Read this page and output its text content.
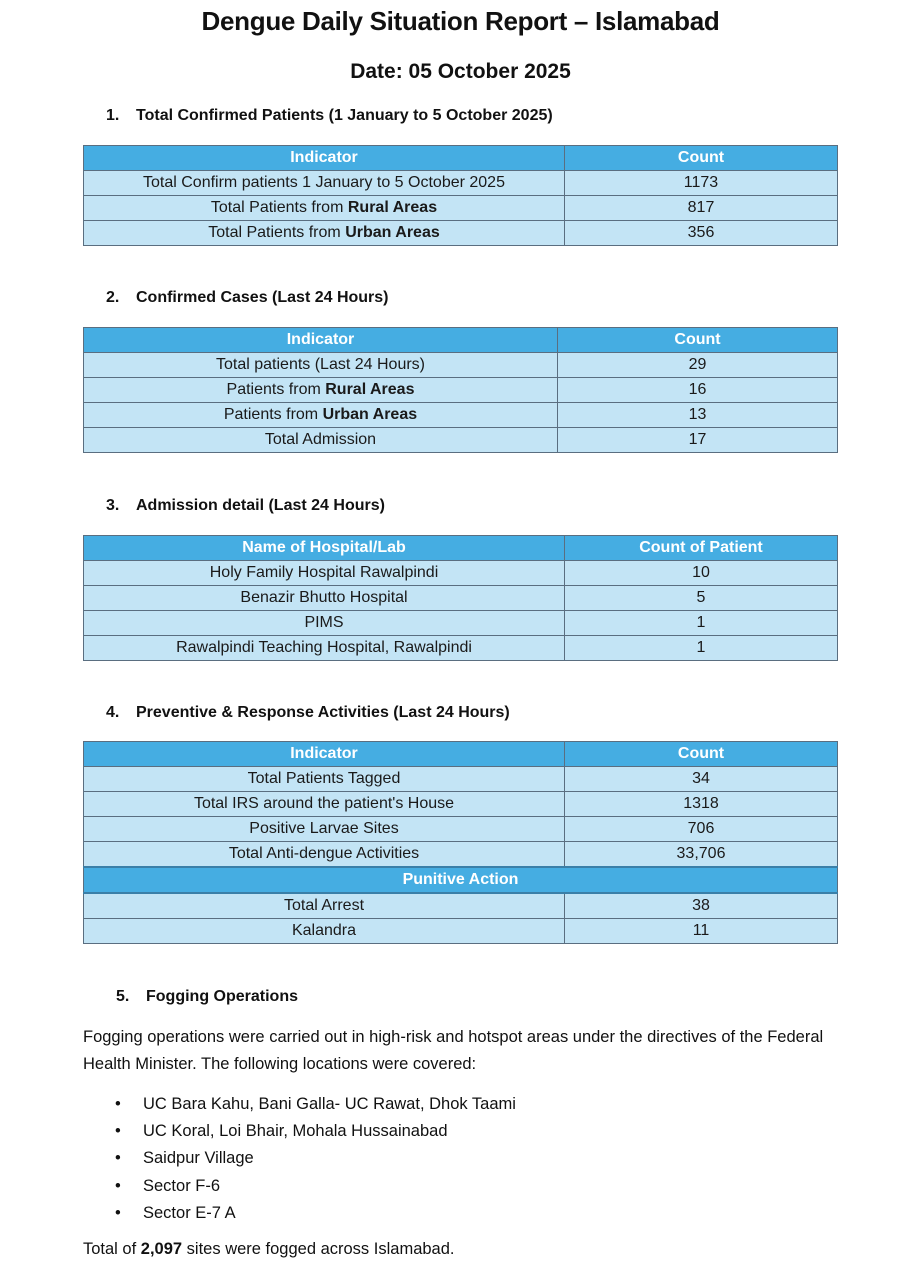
Dengue Daily Situation Report – Islamabad
Date: 05 October 2025
1. Total Confirmed Patients (1 January to 5 October 2025)
Indicator	Count
Total Confirm patients 1 January to 5 October 2025	1173
Total Patients from Rural Areas	817
Total Patients from Urban Areas	356
2. Confirmed Cases (Last 24 Hours)
Indicator	Count
Total patients (Last 24 Hours)	29
Patients from Rural Areas	16
Patients from Urban Areas	13
Total Admission	17
3. Admission detail (Last 24 Hours)
Name of Hospital/Lab	Count of Patient
Holy Family Hospital Rawalpindi	10
Benazir Bhutto Hospital	5
PIMS	1
Rawalpindi Teaching Hospital, Rawalpindi	1
4. Preventive & Response Activities (Last 24 Hours)
Indicator	Count
Total Patients Tagged	34
Total IRS around the patient's House	1318
Positive Larvae Sites	706
Total Anti-dengue Activities	33,706
Punitive Action	
Total Arrest	38
Kalandra	11
5. Fogging Operations
Fogging operations were carried out in high-risk and hotspot areas under the directives of the Federal Health Minister. The following locations were covered:
• UC Bara Kahu, Bani Galla- UC Rawat, Dhok Taami
• UC Koral, Loi Bhair, Mohala Hussainabad
• Saidpur Village
• Sector F-6
• Sector E-7 A
Total of 2,097 sites were fogged across Islamabad.
